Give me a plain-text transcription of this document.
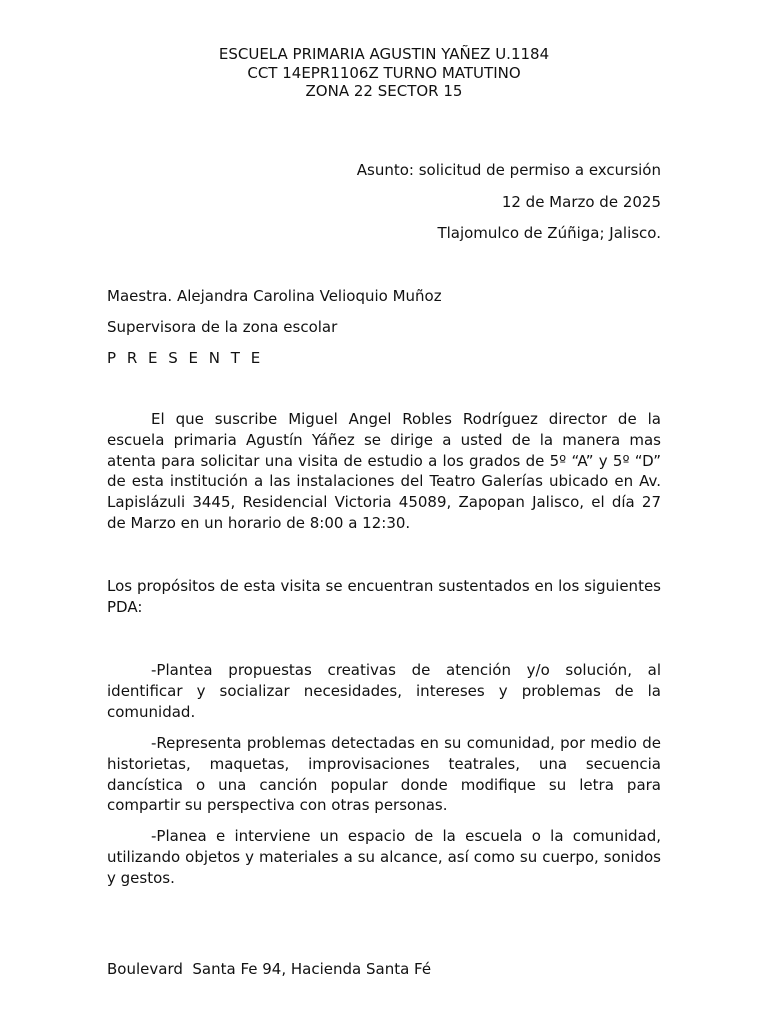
ESCUELA PRIMARIA AGUSTIN YAÑEZ U.1184
CCT 14EPR1106Z TURNO MATUTINO
ZONA 22 SECTOR 15
Asunto: solicitud de permiso a excursión
12 de Marzo de 2025
Tlajomulco de Zúñiga; Jalisco.
Maestra. Alejandra Carolina Velioquio Muñoz
Supervisora de la zona escolar
P R E S E N T E

El que suscribe Miguel Angel Robles Rodríguez director de la escuela primaria Agustín Yáñez se dirige a usted de la manera mas atenta para solicitar una visita de estudio a los grados de 5º “A” y 5º “D” de esta institución a las instalaciones del Teatro Galerías ubicado en Av. Lapislázuli 3445, Residencial Victoria 45089, Zapopan Jalisco, el día 27 de Marzo en un horario de 8:00 a 12:30.

Los propósitos de esta visita se encuentran sustentados en los siguientes PDA:

-Plantea propuestas creativas de atención y/o solución, al identificar y socializar necesidades, intereses y problemas de la comunidad.

-Representa problemas detectadas en su comunidad, por medio de historietas, maquetas, improvisaciones teatrales, una secuencia dancística o una canción popular donde modifique su letra para compartir su perspectiva con otras personas.

-Planea e interviene un espacio de la escuela o la comunidad, utilizando objetos y materiales a su alcance, así como su cuerpo, sonidos y gestos.

Boulevard  Santa Fe 94, Hacienda Santa Fé
